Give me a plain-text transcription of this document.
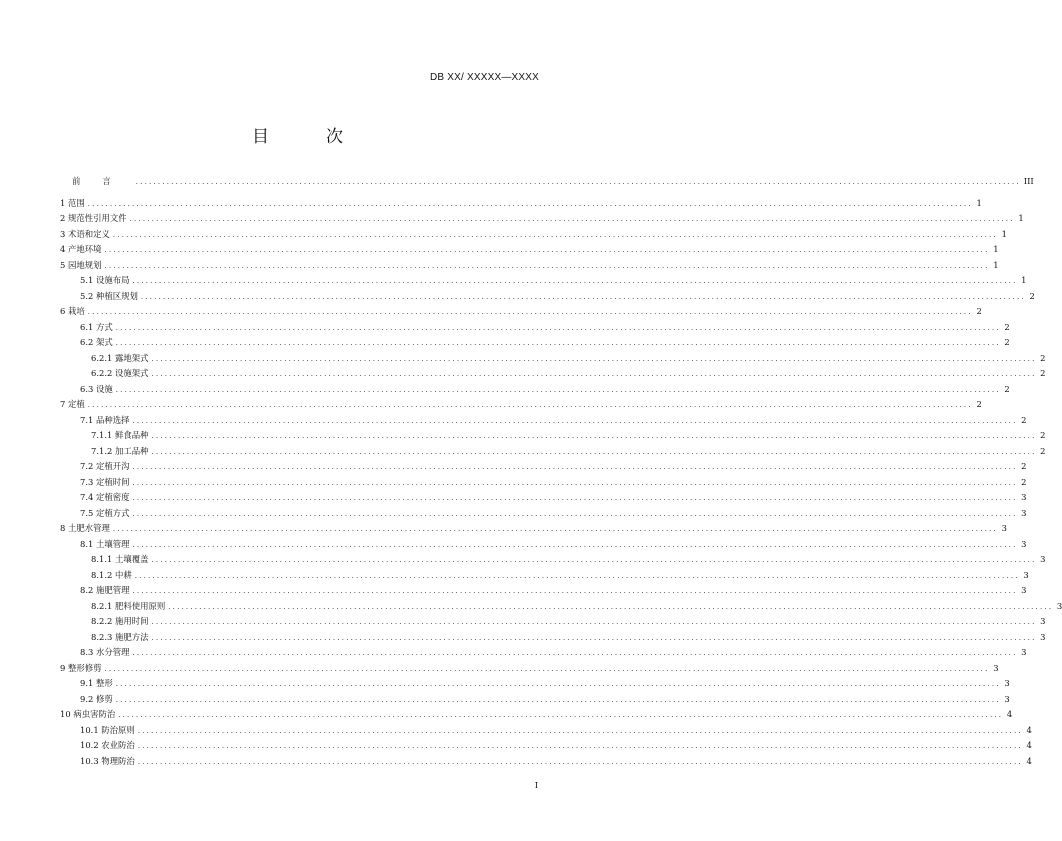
DB XX/ XXXXX—XXXX
目　次
前言 ........................................................................................................................................................................................................ III
1 范围 ........................................................................................................................................................................................................ 1
2 规范性引用文件 ........................................................................................................................................................................................................ 1
3 术语和定义 ........................................................................................................................................................................................................ 1
4 产地环境 ........................................................................................................................................................................................................ 1
5 园地规划 ........................................................................................................................................................................................................ 1
5.1 设施布局 ........................................................................................................................................................................................................ 1
5.2 种植区规划 ........................................................................................................................................................................................................ 2
6 栽培 ........................................................................................................................................................................................................ 2
6.1 方式 ........................................................................................................................................................................................................ 2
6.2 架式 ........................................................................................................................................................................................................ 2
6.2.1 露地架式 ........................................................................................................................................................................................................ 2
6.2.2 设施架式 ........................................................................................................................................................................................................ 2
6.3 设施 ........................................................................................................................................................................................................ 2
7 定植 ........................................................................................................................................................................................................ 2
7.1 品种选择 ........................................................................................................................................................................................................ 2
7.1.1 鲜食品种 ........................................................................................................................................................................................................ 2
7.1.2 加工品种 ........................................................................................................................................................................................................ 2
7.2 定植开沟 ........................................................................................................................................................................................................ 2
7.3 定植时间 ........................................................................................................................................................................................................ 2
7.4 定植密度 ........................................................................................................................................................................................................ 3
7.5 定植方式 ........................................................................................................................................................................................................ 3
8 土肥水管理 ........................................................................................................................................................................................................ 3
8.1 土壤管理 ........................................................................................................................................................................................................ 3
8.1.1 土壤覆盖 ........................................................................................................................................................................................................ 3
8.1.2 中耕 ........................................................................................................................................................................................................ 3
8.2 施肥管理 ........................................................................................................................................................................................................ 3
8.2.1 肥料使用原则 ........................................................................................................................................................................................................ 3
8.2.2 施用时间 ........................................................................................................................................................................................................ 3
8.2.3 施肥方法 ........................................................................................................................................................................................................ 3
8.3 水分管理 ........................................................................................................................................................................................................ 3
9 整形修剪 ........................................................................................................................................................................................................ 3
9.1 整形 ........................................................................................................................................................................................................ 3
9.2 修剪 ........................................................................................................................................................................................................ 3
10 病虫害防治 ........................................................................................................................................................................................................ 4
10.1 防治原则 ........................................................................................................................................................................................................ 4
10.2 农业防治 ........................................................................................................................................................................................................ 4
10.3 物理防治 ........................................................................................................................................................................................................ 4
I
